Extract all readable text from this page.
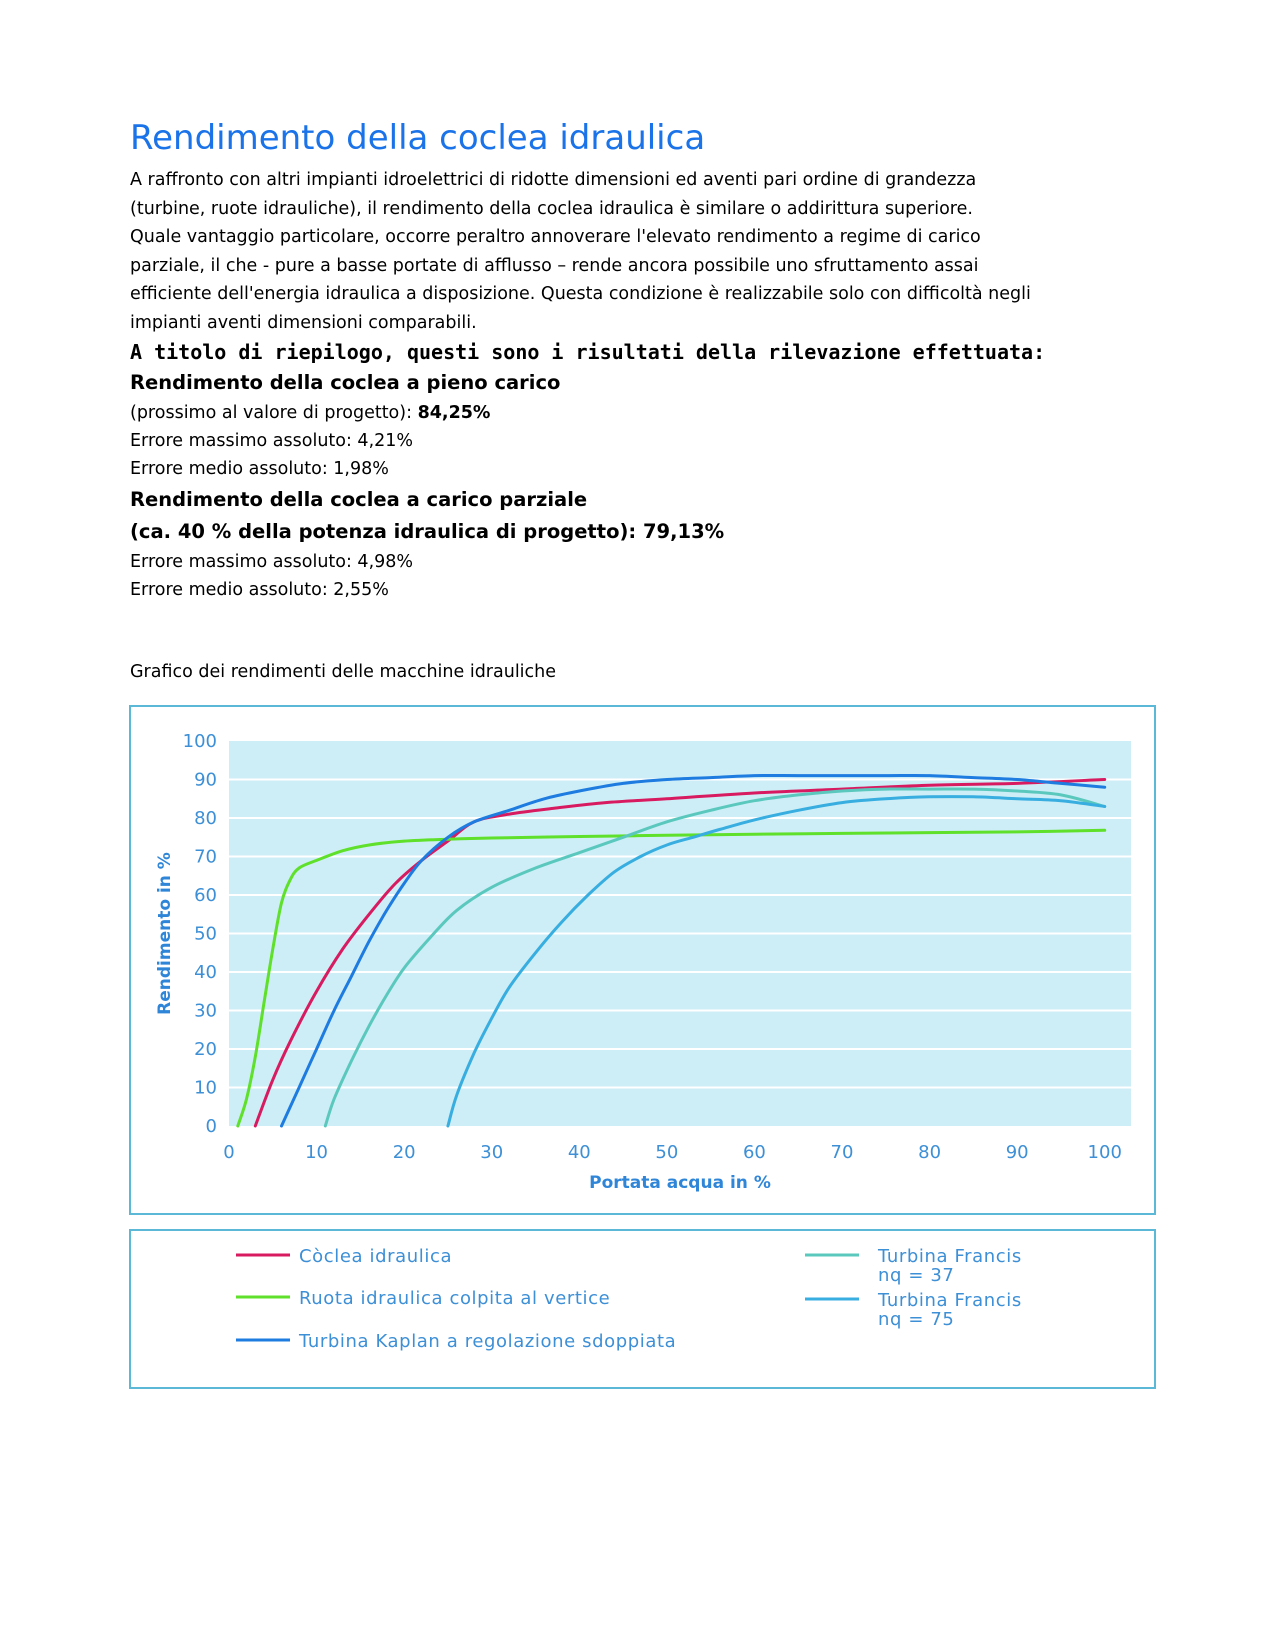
Rendimento della coclea idraulica

A raffronto con altri impianti idroelettrici di ridotte dimensioni ed aventi pari ordine di grandezza
(turbine, ruote idrauliche), il rendimento della coclea idraulica è similare o addirittura superiore.
Quale vantaggio particolare, occorre peraltro annoverare l'elevato rendimento a regime di carico
parziale, il che - pure a basse portate di afflusso – rende ancora possibile uno sfruttamento assai
efficiente dell'energia idraulica a disposizione. Questa condizione è realizzabile solo con difficoltà negli
impianti aventi dimensioni comparabili.

A titolo di riepilogo, questi sono i risultati della rilevazione effettuata:

Rendimento della coclea a pieno carico

(prossimo al valore di progetto): 84,25%

Errore massimo assoluto: 4,21%

Errore medio assoluto: 1,98%

Rendimento della coclea a carico parziale

(ca. 40 % della potenza idraulica di progetto): 79,13%

Errore massimo assoluto: 4,98%

Errore medio assoluto: 2,55%

Grafico dei rendimenti delle macchine idrauliche

0
10
20
30
40
50
60
70
80
90
100
0	10	20	30	40	50	60	70	80	90	100
Portata acqua in %
Rendimento in %
Còclea idraulica
Ruota idraulica colpita al vertice
Turbina Kaplan a regolazione sdoppiata
Turbina Francis
nq = 37
Turbina Francis
nq = 75
